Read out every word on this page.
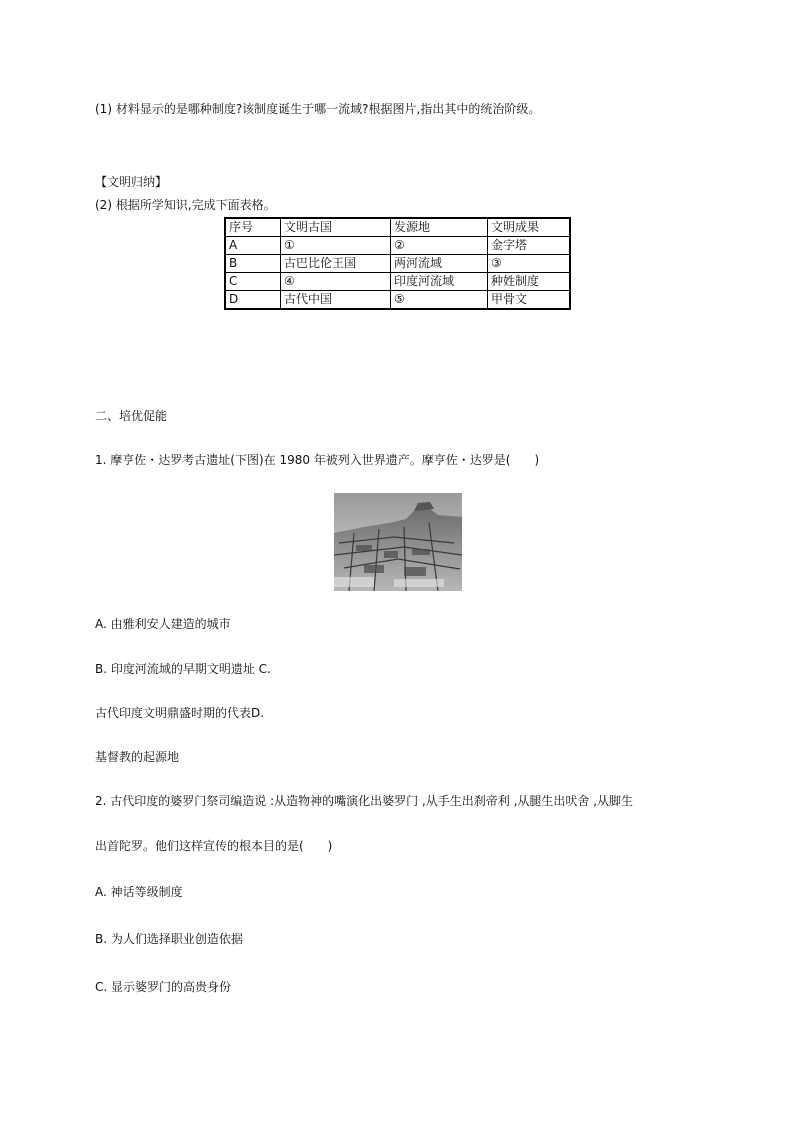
(1) 材料显示的是哪种制度?该制度诞生于哪一流域?根据图片,指出其中的统治阶级。
【文明归纳】
(2) 根据所学知识,完成下面表格。
序号	文明古国	发源地	文明成果
A	①	②	金字塔
B	古巴比伦王国	两河流域	③
C	④	印度河流域	种姓制度
D	古代中国	⑤	甲骨文
二、培优促能
1. 摩亨佐・达罗考古遗址(下图)在 1980 年被列入世界遗产。摩亨佐・达罗是(　　)
A. 由雅利安人建造的城市
B. 印度河流域的早期文明遗址 C.
古代印度文明鼎盛时期的代表D.
基督教的起源地
2. 古代印度的婆罗门祭司编造说 :从造物神的嘴演化出婆罗门 ,从手生出刹帝利 ,从腿生出吠舍 ,从脚生
出首陀罗。他们这样宣传的根本目的是(　　)
A. 神话等级制度
B. 为人们选择职业创造依据
C. 显示婆罗门的高贵身份
